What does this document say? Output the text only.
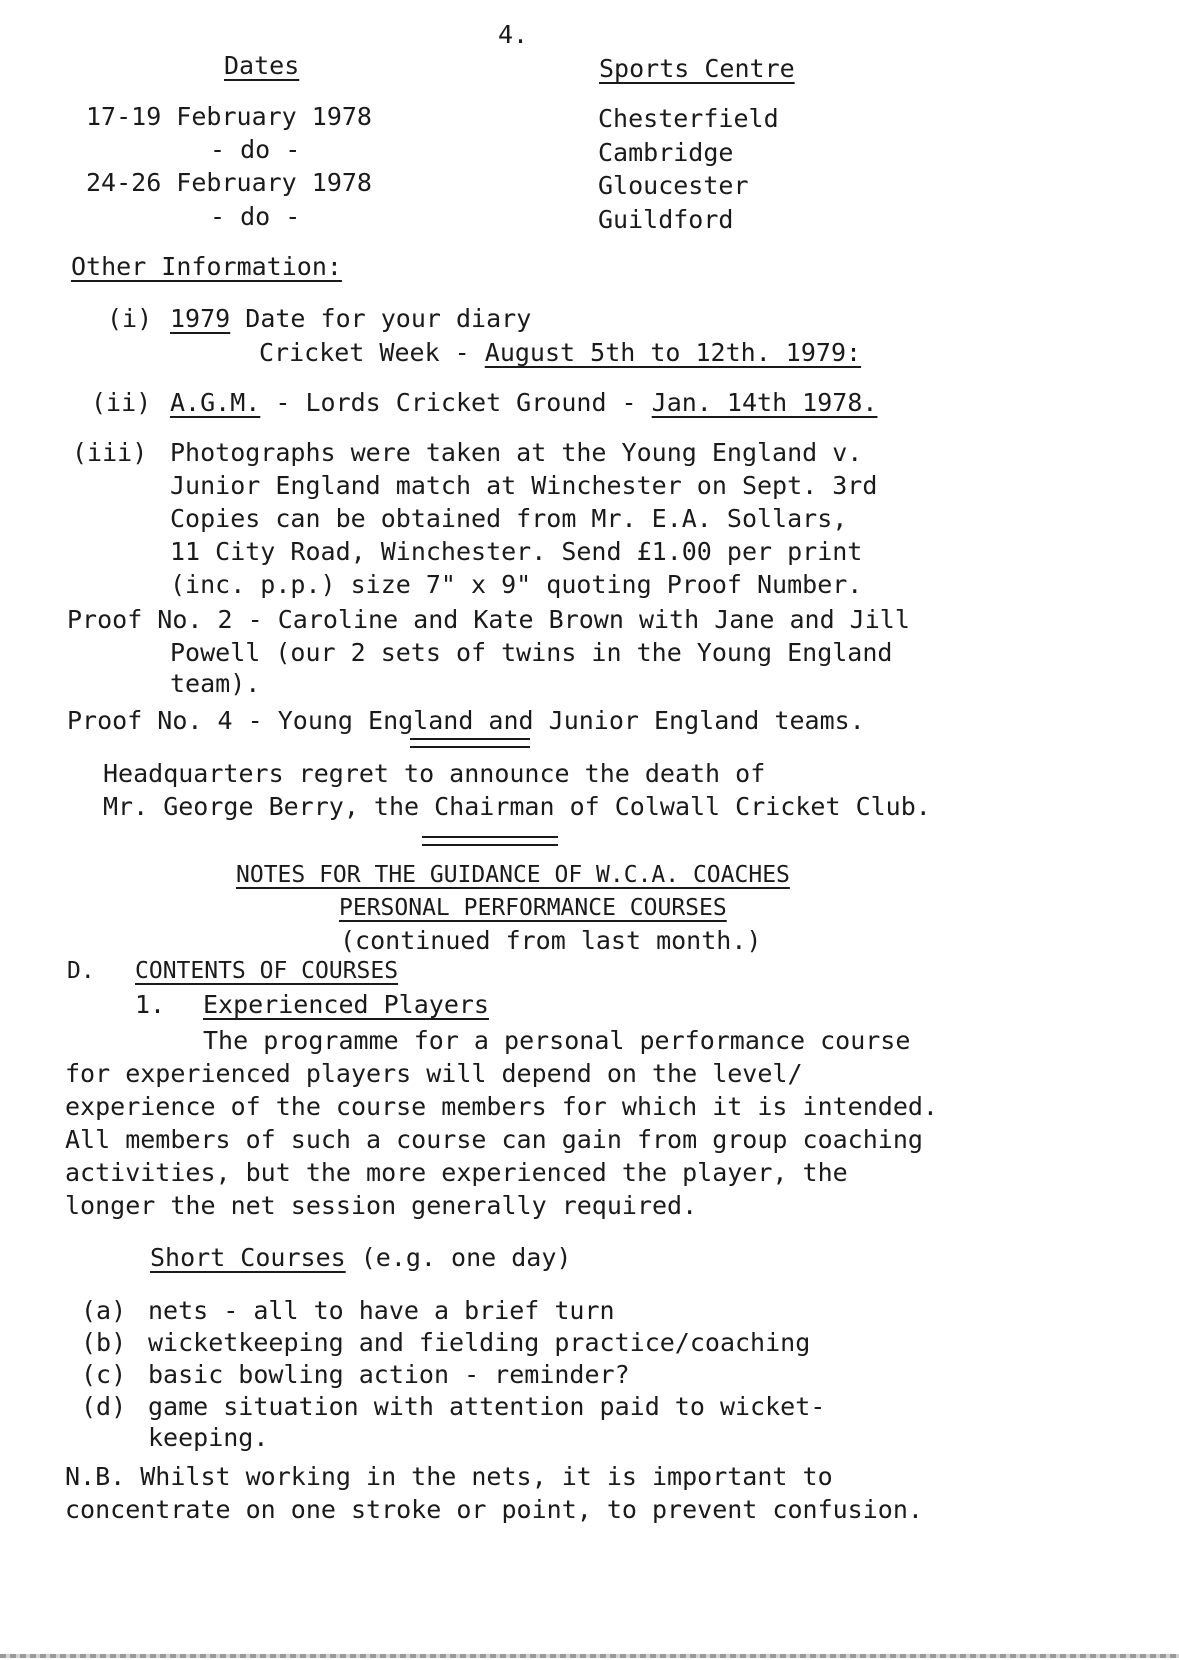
4.
Dates	Sports Centre
17-19 February 1978
- do -
24-26 February 1978
- do -
Chesterfield
Cambridge
Gloucester
Guildford
Other Information:
(i) 1979 Date for your diary
Cricket Week - August 5th to 12th. 1979:
(ii) A.G.M. - Lords Cricket Ground - Jan. 14th 1978.
(iii) Photographs were taken at the Young England v.
Junior England match at Winchester on Sept. 3rd
Copies can be obtained from Mr. E.A. Sollars,
11 City Road, Winchester. Send £1.00 per print
(inc. p.p.) size 7" x 9" quoting Proof Number.
Proof No. 2 - Caroline and Kate Brown with Jane and Jill
Powell (our 2 sets of twins in the Young England
team).
Proof No. 4 - Young England and Junior England teams.
Headquarters regret to announce the death of
Mr. George Berry, the Chairman of Colwall Cricket Club.
NOTES FOR THE GUIDANCE OF W.C.A. COACHES
PERSONAL PERFORMANCE COURSES
(continued from last month.)
D. CONTENTS OF COURSES
1. Experienced Players
The programme for a personal performance course
for experienced players will depend on the level/
experience of the course members for which it is intended.
All members of such a course can gain from group coaching
activities, but the more experienced the player, the
longer the net session generally required.
Short Courses (e.g. one day)
(a) nets - all to have a brief turn
(b) wicketkeeping and fielding practice/coaching
(c) basic bowling action - reminder?
(d) game situation with attention paid to wicket-
keeping.
N.B. Whilst working in the nets, it is important to
concentrate on one stroke or point, to prevent confusion.
